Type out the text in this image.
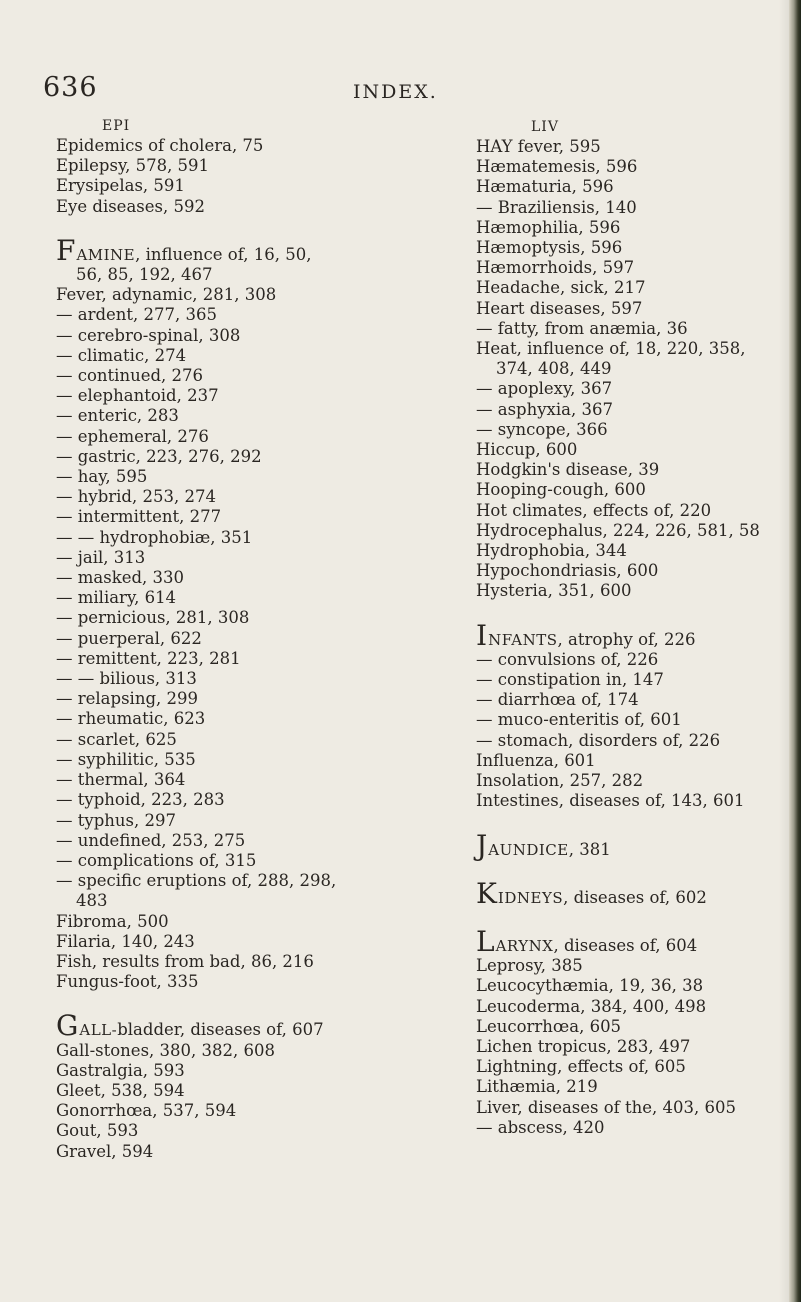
636	INDEX.
EPI
Epidemics of cholera, 75
Epilepsy, 578, 591
Erysipelas, 591
Eye diseases, 592
FAMINE, influence of, 16, 50,
56, 85, 192, 467
Fever, adynamic, 281, 308
— ardent, 277, 365
— cerebro-spinal, 308
— climatic, 274
— continued, 276
— elephantoid, 237
— enteric, 283
— ephemeral, 276
— gastric, 223, 276, 292
— hay, 595
— hybrid, 253, 274
— intermittent, 277
— — hydrophobiæ, 351
— jail, 313
— masked, 330
— miliary, 614
— pernicious, 281, 308
— puerperal, 622
— remittent, 223, 281
— — bilious, 313
— relapsing, 299
— rheumatic, 623
— scarlet, 625
— syphilitic, 535
— thermal, 364
— typhoid, 223, 283
— typhus, 297
— undefined, 253, 275
— complications of, 315
— specific eruptions of, 288, 298,
483
Fibroma, 500
Filaria, 140, 243
Fish, results from bad, 86, 216
Fungus-foot, 335
GALL-bladder, diseases of, 607
Gall-stones, 380, 382, 608
Gastralgia, 593
Gleet, 538, 594
Gonorrhœa, 537, 594
Gout, 593
Gravel, 594
LIV
HAY fever, 595
Hæmatemesis, 596
Hæmaturia, 596
— Braziliensis, 140
Hæmophilia, 596
Hæmoptysis, 596
Hæmorrhoids, 597
Headache, sick, 217
Heart diseases, 597
— fatty, from anæmia, 36
Heat, influence of, 18, 220, 358,
374, 408, 449
— apoplexy, 367
— asphyxia, 367
— syncope, 366
Hiccup, 600
Hodgkin's disease, 39
Hooping-cough, 600
Hot climates, effects of, 220
Hydrocephalus, 224, 226, 581, 58
Hydrophobia, 344
Hypochondriasis, 600
Hysteria, 351, 600
INFANTS, atrophy of, 226
— convulsions of, 226
— constipation in, 147
— diarrhœa of, 174
— muco-enteritis of, 601
— stomach, disorders of, 226
Influenza, 601
Insolation, 257, 282
Intestines, diseases of, 143, 601
JAUNDICE, 381
KIDNEYS, diseases of, 602
LARYNX, diseases of, 604
Leprosy, 385
Leucocythæmia, 19, 36, 38
Leucoderma, 384, 400, 498
Leucorrhœa, 605
Lichen tropicus, 283, 497
Lightning, effects of, 605
Lithæmia, 219
Liver, diseases of the, 403, 605
— abscess, 420
